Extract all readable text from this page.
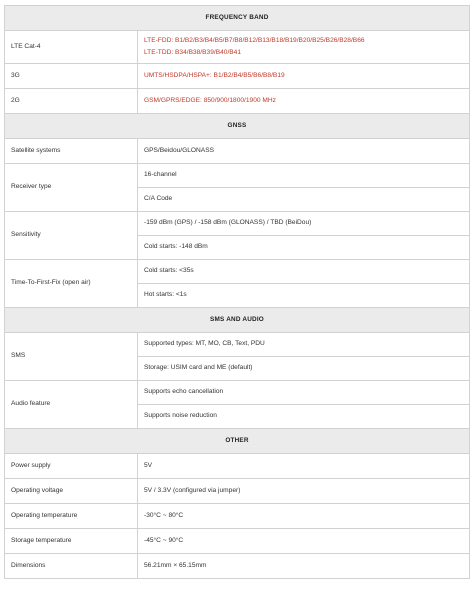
FREQUENCY BAND	
LTE Cat-4	LTE-FDD: B1/B2/B3/B4/B5/B7/B8/B12/B13/B18/B19/B20/B25/B26/B28/B66
LTE-TDD: B34/B38/B39/B40/B41

3G	UMTS/HSDPA/HSPA+: B1/B2/B4/B5/B6/B8/B19
2G	GSM/GPRS/EDGE: 850/900/1800/1900 MHz
GNSS	
Satellite systems	GPS/Beidou/GLONASS
Receiver type	16-channel
	C/A Code
Sensitivity	-159 dBm (GPS) / -158 dBm (GLONASS) / TBD (BeiDou)
	Cold starts: -148 dBm
Time-To-First-Fix (open air)	Cold starts: <35s
	Hot starts: <1s
SMS AND AUDIO	
SMS	Supported types: MT, MO, CB, Text, PDU
	Storage: USIM card and ME (default)
Audio feature	Supports echo cancellation
	Supports noise reduction
OTHER	
Power supply	5V
Operating voltage	5V / 3.3V (configured via jumper)
Operating temperature	-30°C ~ 80°C
Storage temperature	-45°C ~ 90°C
Dimensions	56.21mm × 65.15mm
